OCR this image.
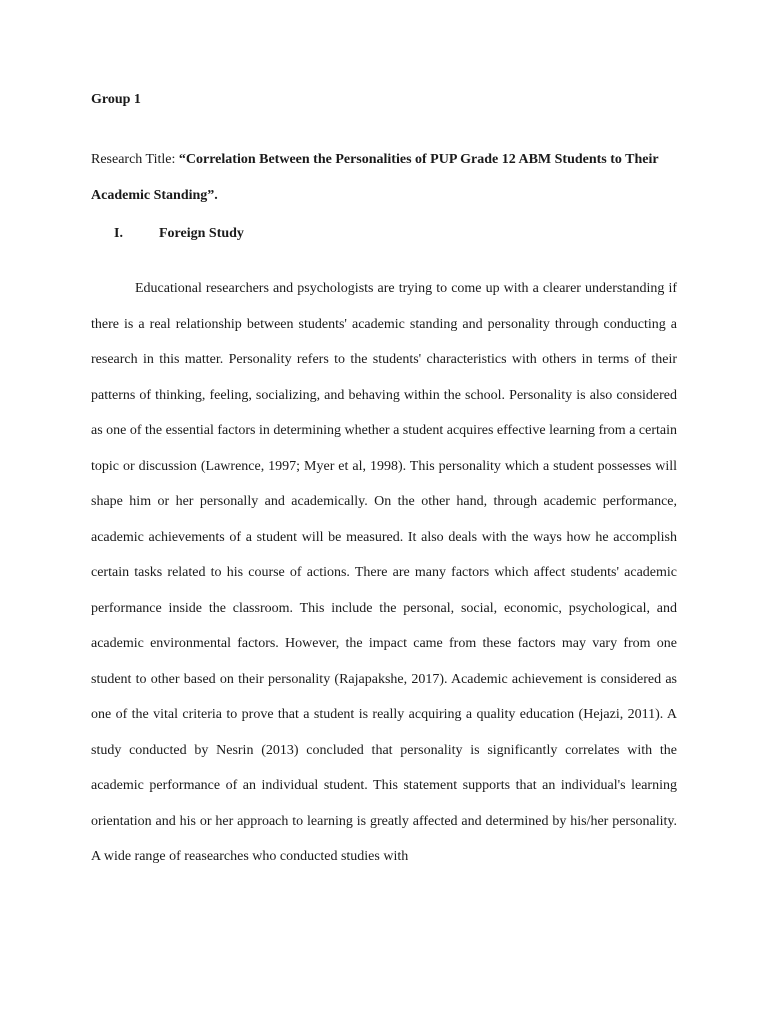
Group 1

Research Title: “Correlation Between the Personalities of PUP Grade 12 ABM Students to Their Academic Standing”.

I.	Foreign Study

Educational researchers and psychologists are trying to come up with a clearer understanding if there is a real relationship between students' academic standing and personality through conducting a research in this matter. Personality refers to the students' characteristics with others in terms of their patterns of thinking, feeling, socializing, and behaving within the school. Personality is also considered as one of the essential factors in determining whether a student acquires effective learning from a certain topic or discussion (Lawrence, 1997; Myer et al, 1998). This personality which a student possesses will shape him or her personally and academically. On the other hand, through academic performance, academic achievements of a student will be measured. It also deals with the ways how he accomplish certain tasks related to his course of actions. There are many factors which affect students' academic performance inside the classroom. This include the personal, social, economic, psychological, and academic environmental factors. However, the impact came from these factors may vary from one student to other based on their personality (Rajapakshe, 2017). Academic achievement is considered as one of the vital criteria to prove that a student is really acquiring a quality education (Hejazi, 2011). A study conducted by Nesrin (2013) concluded that personality is significantly correlates with the academic performance of an individual student. This statement supports that an individual's learning orientation and his or her approach to learning is greatly affected and determined by his/her personality. A wide range of reasearches who conducted studies with
